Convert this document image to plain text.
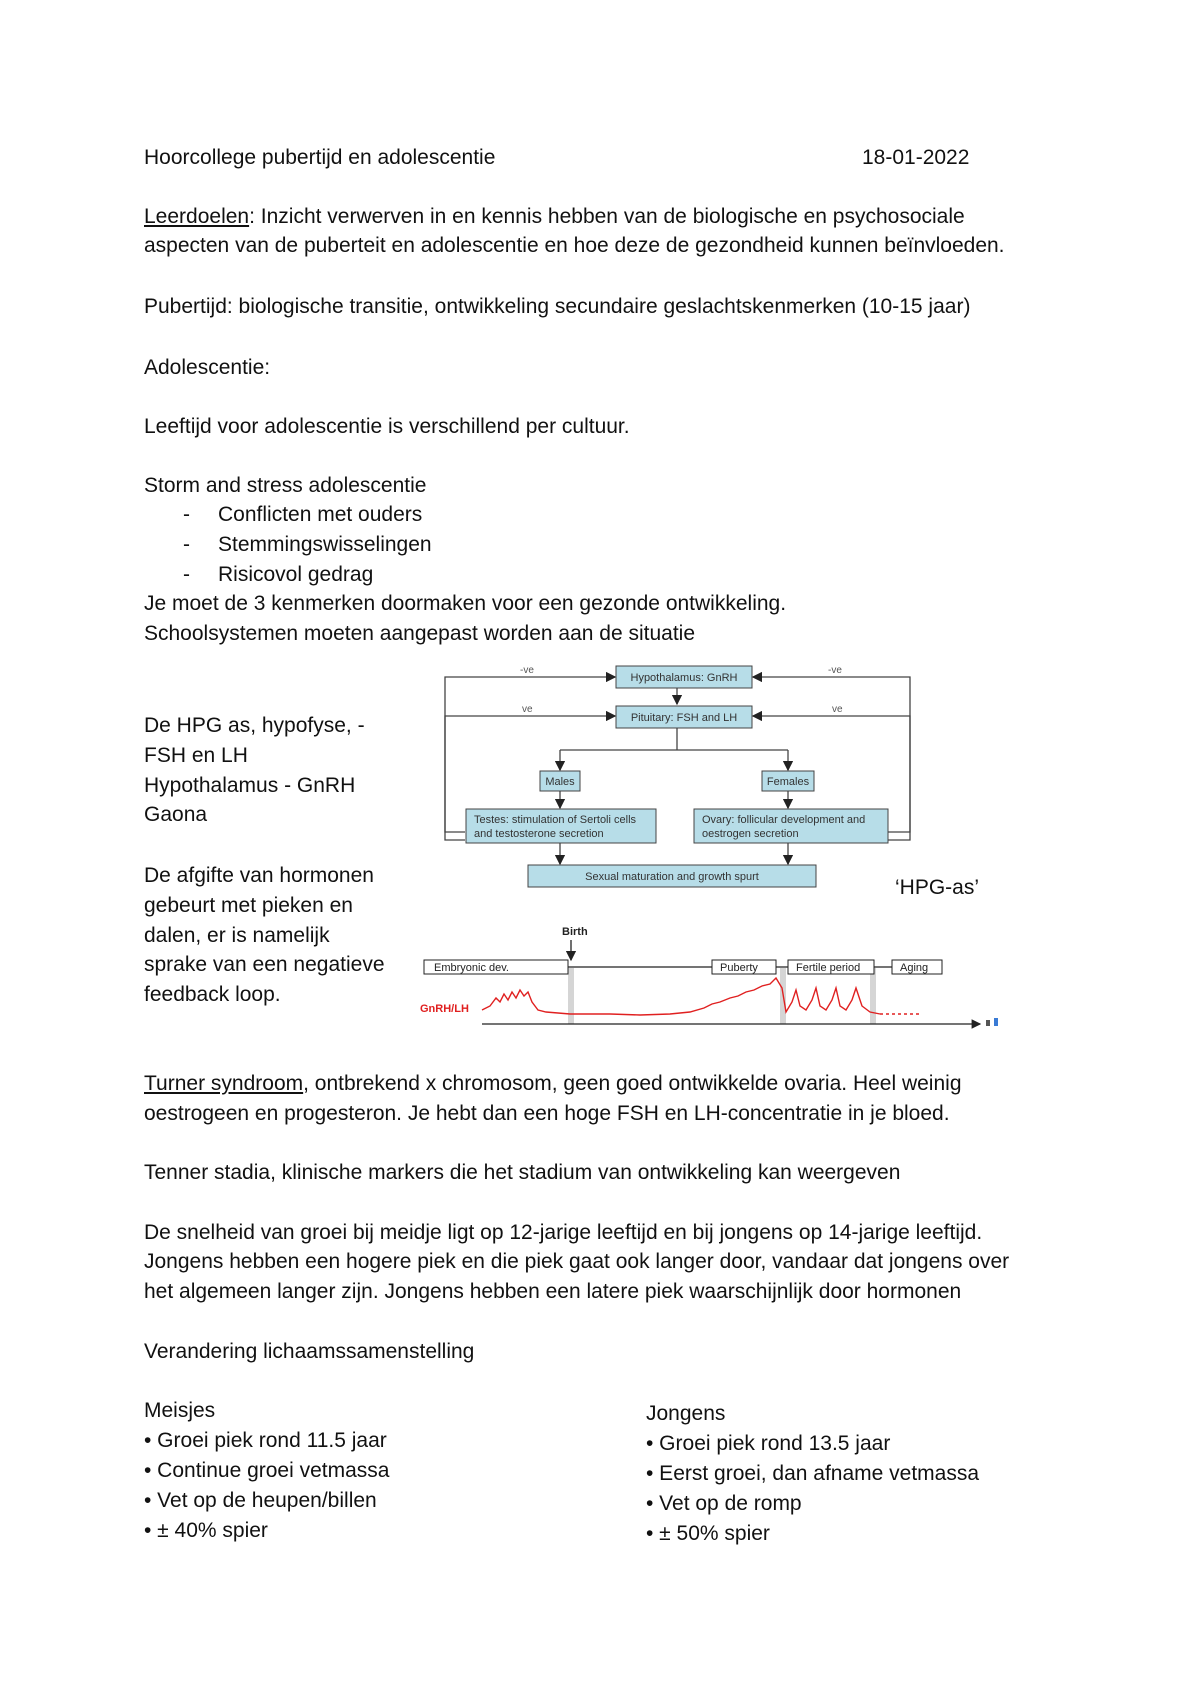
Hoorcollege pubertijd en adolescentie	18-01-2022
Leerdoelen: Inzicht verwerven in en kennis hebben van de biologische en psychosociale
aspecten van de puberteit en adolescentie en hoe deze de gezondheid kunnen beïnvloeden.
Pubertijd: biologische transitie, ontwikkeling secundaire geslachtskenmerken (10-15 jaar)
Adolescentie:
Leeftijd voor adolescentie is verschillend per cultuur.
Storm and stress adolescentie
- Conflicten met ouders
- Stemmingswisselingen
- Risicovol gedrag
Je moet de 3 kenmerken doormaken voor een gezonde ontwikkeling.
Schoolsystemen moeten aangepast worden aan de situatie
De HPG as, hypofyse, -
FSH en LH
Hypothalamus - GnRH
Gaona
De afgifte van hormonen
gebeurt met pieken en
dalen, er is namelijk
sprake van een negatieve
feedback loop.
Hypothalamus: GnRH
Pituitary: FSH and LH
Males	Females
Testes: stimulation of Sertoli cells
and testosterone secretion
Ovary: follicular development and
oestrogen secretion
Sexual maturation and growth spurt
-ve	-ve
ve	ve
‘HPG-as’
Birth
Embryonic dev.	Puberty	Fertile period	Aging
GnRH/LH
Turner syndroom, ontbrekend x chromosom, geen goed ontwikkelde ovaria. Heel weinig
oestrogeen en progesteron. Je hebt dan een hoge FSH en LH-concentratie in je bloed.
Tenner stadia, klinische markers die het stadium van ontwikkeling kan weergeven
De snelheid van groei bij meidje ligt op 12-jarige leeftijd en bij jongens op 14-jarige leeftijd.
Jongens hebben een hogere piek en die piek gaat ook langer door, vandaar dat jongens over
het algemeen langer zijn. Jongens hebben een latere piek waarschijnlijk door hormonen
Verandering lichaamssamenstelling
Meisjes
• Groei piek rond 11.5 jaar
• Continue groei vetmassa
• Vet op de heupen/billen
• ± 40% spier
Jongens
• Groei piek rond 13.5 jaar
• Eerst groei, dan afname vetmassa
• Vet op de romp
• ± 50% spier
